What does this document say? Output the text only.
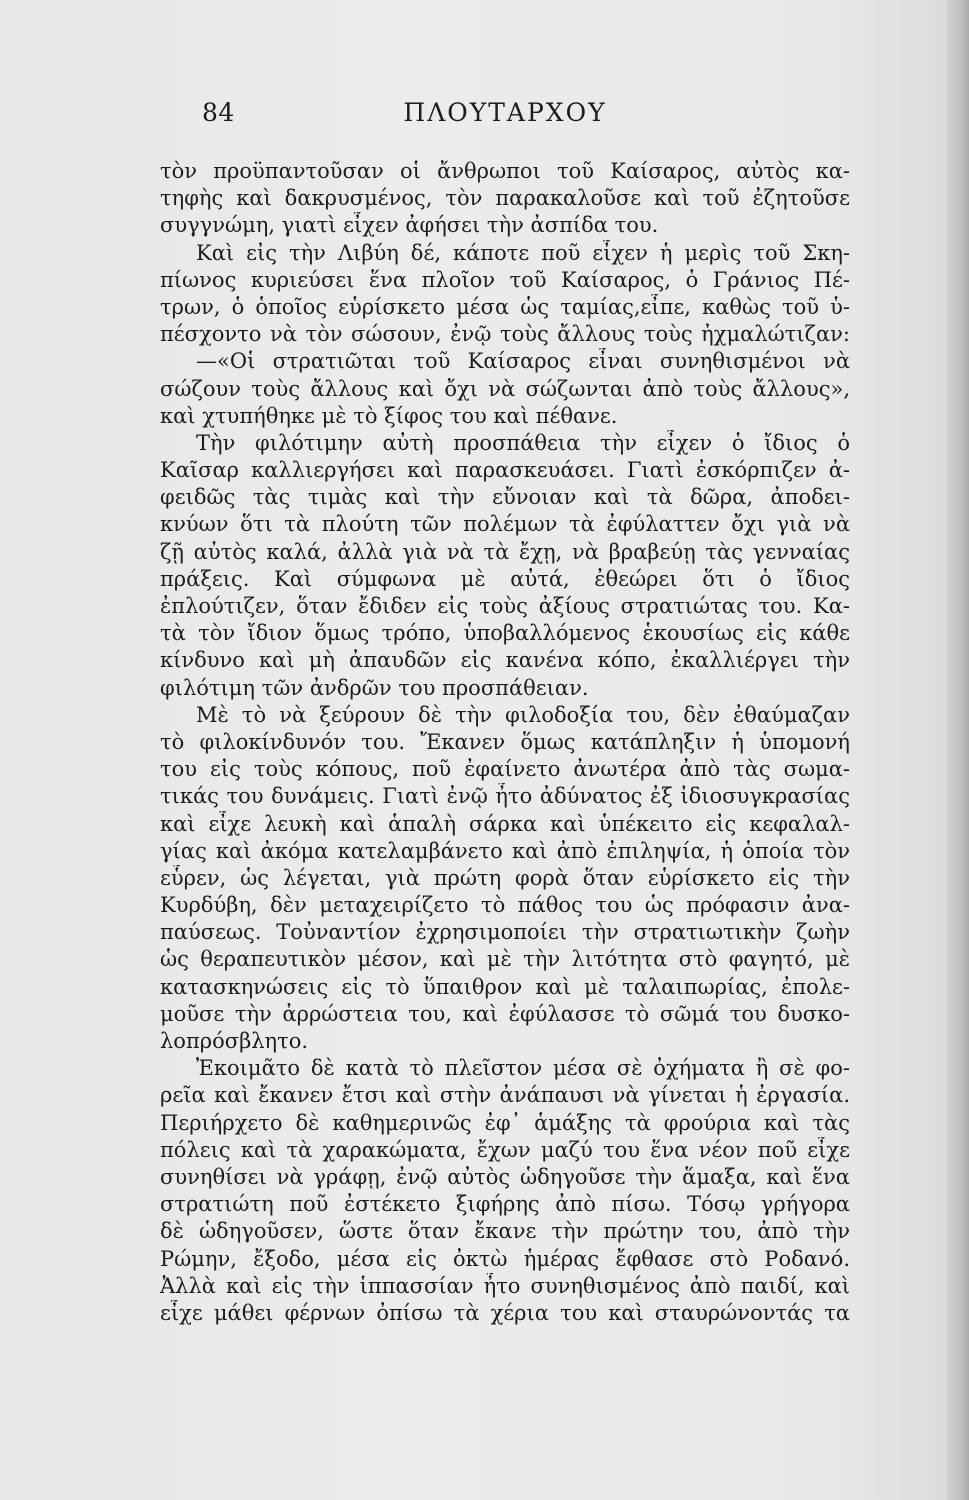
84	ΠΛΟΥΤΑΡΧΟΥ
τὸν προϋπαντοῦσαν οἱ ἄνθρωποι τοῦ Καίσαρος, αὐτὸς κα-
τηφὴς καὶ δακρυσμένος, τὸν παρακαλοῦσε καὶ τοῦ ἐζητοῦσε
συγγνώμη, γιατὶ εἶχεν ἀφήσει τὴν ἀσπίδα του.
Καὶ εἰς τὴν Λιβύη δέ, κάποτε ποῦ εἶχεν ἡ μερὶς τοῦ Σκη-
πίωνος κυριεύσει ἕνα πλοῖον τοῦ Καίσαρος, ὁ Γράνιος Πέ-
τρων, ὁ ὁποῖος εὑρίσκετο μέσα ὡς ταμίας,εἶπε, καθὼς τοῦ ὑ-
πέσχοντο νὰ τὸν σώσουν, ἐνῷ τοὺς ἄλλους τοὺς ἠχμαλώτιζαν:
—«Οἱ στρατιῶται τοῦ Καίσαρος εἶναι συνηθισμένοι νὰ
σώζουν τοὺς ἄλλους καὶ ὄχι νὰ σώζωνται ἀπὸ τοὺς ἄλλους»,
καὶ χτυπήθηκε μὲ τὸ ξίφος του καὶ πέθανε.
Τὴν φιλότιμην αὐτὴ προσπάθεια τὴν εἶχεν ὁ ἴδιος ὁ
Καῖσαρ καλλιεργήσει καὶ παρασκευάσει. Γιατὶ ἐσκόρπιζεν ἀ-
φειδῶς τὰς τιμὰς καὶ τὴν εὔνοιαν καὶ τὰ δῶρα, ἀποδει-
κνύων ὅτι τὰ πλούτη τῶν πολέμων τὰ ἐφύλαττεν ὄχι γιὰ νὰ
ζῇ αὐτὸς καλά, ἀλλὰ γιὰ νὰ τὰ ἔχῃ, νὰ βραβεύῃ τὰς γενναίας
πράξεις. Καὶ σύμφωνα μὲ αὐτά, ἐθεώρει ὅτι ὁ ἴδιος
ἐπλούτιζεν, ὅταν ἔδιδεν εἰς τοὺς ἀξίους στρατιώτας του. Κα-
τὰ τὸν ἴδιον ὅμως τρόπο, ὑποβαλλόμενος ἑκουσίως εἰς κάθε
κίνδυνο καὶ μὴ ἀπαυδῶν εἰς κανένα κόπο, ἐκαλλιέργει τὴν
φιλότιμη τῶν ἀνδρῶν του προσπάθειαν.
Μὲ τὸ νὰ ξεύρουν δὲ τὴν φιλοδοξία του, δὲν ἐθαύμαζαν
τὸ φιλοκίνδυνόν του. Ἔκανεν ὅμως κατάπληξιν ἡ ὑπομονή
του εἰς τοὺς κόπους, ποῦ ἐφαίνετο ἀνωτέρα ἀπὸ τὰς σωμα-
τικάς του δυνάμεις. Γιατὶ ἐνῷ ἦτο ἀδύνατος ἐξ ἰδιοσυγκρασίας
καὶ εἶχε λευκὴ καὶ ἁπαλὴ σάρκα καὶ ὑπέκειτο εἰς κεφαλαλ-
γίας καὶ ἀκόμα κατελαμβάνετο καὶ ἀπὸ ἐπιληψία, ἡ ὁποία τὸν
εὗρεν, ὡς λέγεται, γιὰ πρώτη φορὰ ὅταν εὑρίσκετο εἰς τὴν
Κυρδύβη, δὲν μεταχειρίζετο τὸ πάθος του ὡς πρόφασιν ἀνα-
παύσεως. Τοὐναντίον ἐχρησιμοποίει τὴν στρατιωτικὴν ζωὴν
ὡς θεραπευτικὸν μέσον, καὶ μὲ τὴν λιτότητα στὸ φαγητό, μὲ
κατασκηνώσεις εἰς τὸ ὕπαιθρον καὶ μὲ ταλαιπωρίας, ἐπολε-
μοῦσε τὴν ἀρρώστεια του, καὶ ἐφύλασσε τὸ σῶμά του δυσκο-
λοπρόσβλητο.
Ἐκοιμᾶτο δὲ κατὰ τὸ πλεῖστον μέσα σὲ ὀχήματα ἢ σὲ φο-
ρεῖα καὶ ἔκανεν ἔτσι καὶ στὴν ἀνάπαυσι νὰ γίνεται ἡ ἐργασία.
Περιήρχετο δὲ καθημερινῶς ἐφ᾿ ἁμάξης τὰ φρούρια καὶ τὰς
πόλεις καὶ τὰ χαρακώματα, ἔχων μαζύ του ἕνα νέον ποῦ εἶχε
συνηθίσει νὰ γράφῃ, ἐνῷ αὐτὸς ὡδηγοῦσε τὴν ἅμαξα, καὶ ἕνα
στρατιώτη ποῦ ἐστέκετο ξιφήρης ἀπὸ πίσω. Τόσῳ γρήγορα
δὲ ὡδηγοῦσεν, ὥστε ὅταν ἔκανε τὴν πρώτην του, ἀπὸ τὴν
Ρώμην, ἔξοδο, μέσα εἰς ὀκτὼ ἡμέρας ἔφθασε στὸ Ροδανό.
Ἀλλὰ καὶ εἰς τὴν ἱππασσίαν ἦτο συνηθισμένος ἀπὸ παιδί, καὶ
εἶχε μάθει φέρνων ὀπίσω τὰ χέρια του καὶ σταυρώνοντάς τα
